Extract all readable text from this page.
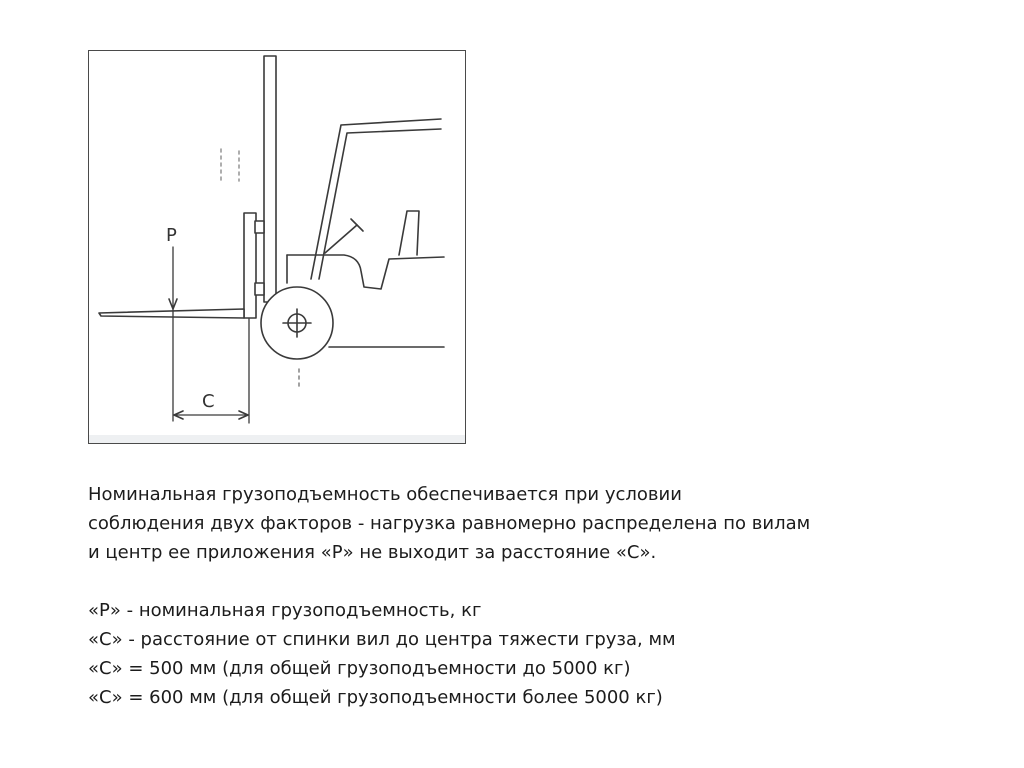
P
C

Номинальная грузоподъемность обеспечивается при условии
соблюдения двух факторов - нагрузка равномерно распределена по вилам
и центр ее приложения «Р» не выходит за расстояние «С».

«Р» - номинальная грузоподъемность, кг
«С» - расстояние от спинки вил до центра тяжести груза, мм
«С» = 500 мм (для общей грузоподъемности до 5000 кг)
«С» = 600 мм (для общей грузоподъемности более 5000 кг)
